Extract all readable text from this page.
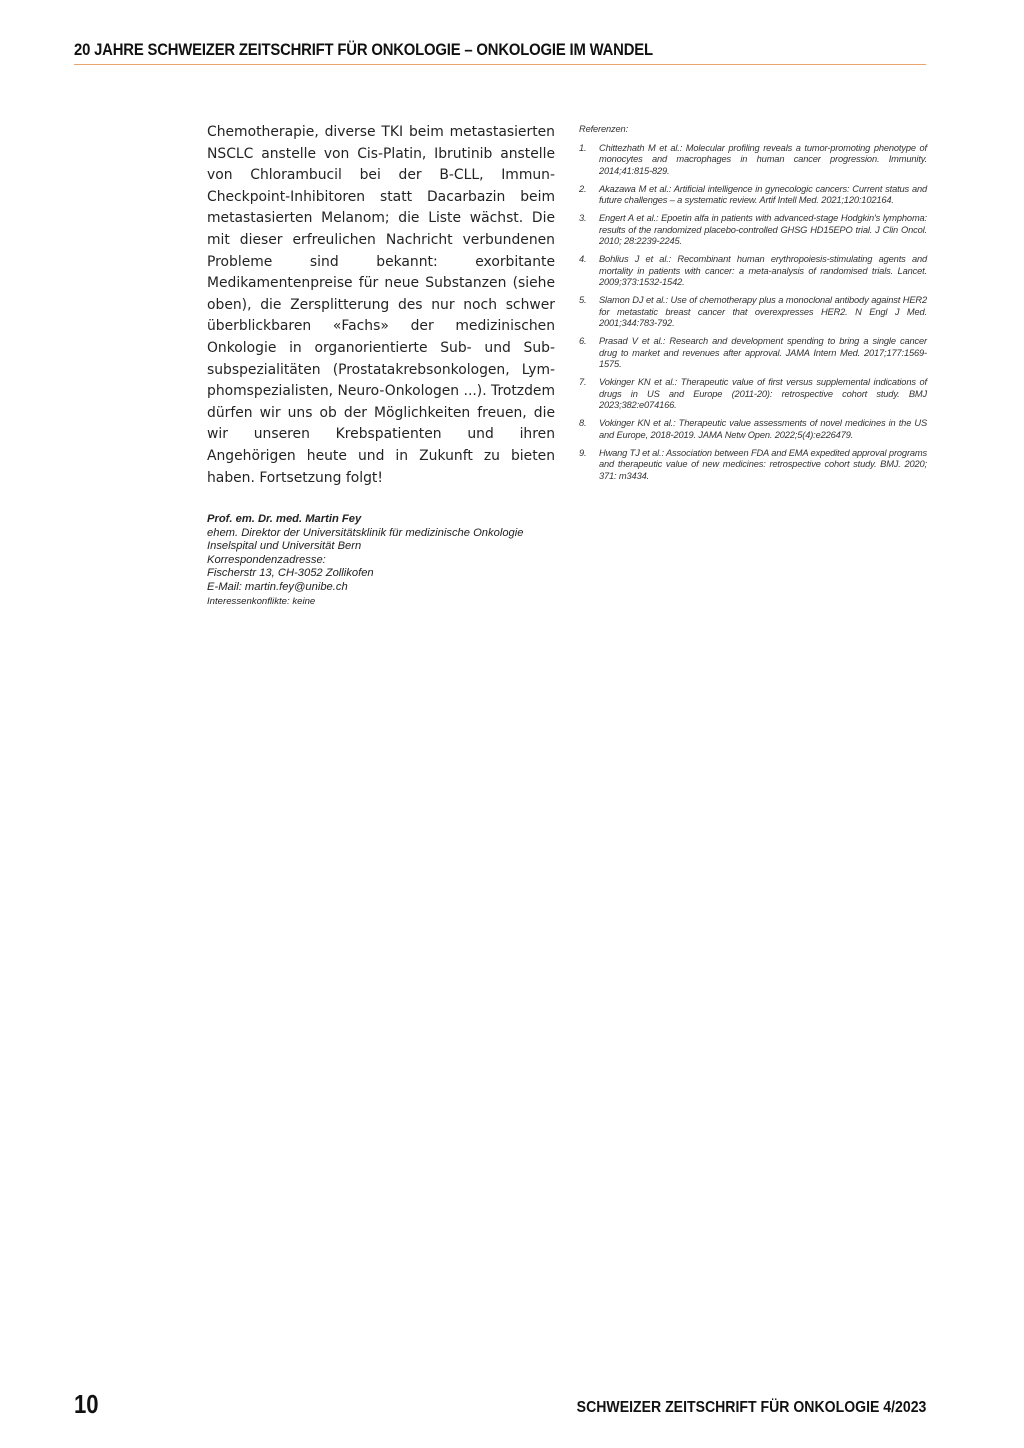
20 JAHRE SCHWEIZER ZEITSCHRIFT FÜR ONKOLOGIE – ONKOLOGIE IM WANDEL

Chemotherapie, diverse TKI beim metastasierten NSCLC anstelle von Cis-Platin, Ibrutinib anstelle von Chlorambucil bei der B-CLL, Immun-Checkpoint-Inhibitoren statt Dacarbazin beim metastasierten Melanom; die Liste wächst. Die mit dieser erfreulichen Nachricht verbundenen Probleme sind bekannt: exorbitante Medikamentenpreise für neue Substanzen (siehe oben), die Zersplitterung des nur noch schwer überblickbaren «Fachs» der medizinischen Onkologie in organorientierte Sub- und Subsubspezialitäten (Prostatakrebsonkologen, Lymphomspezialisten, Neuro-Onkologen ...). Trotzdem dürfen wir uns ob der Möglichkeiten freuen, die wir unseren Krebspatienten und ihren Angehörigen heute und in Zukunft zu bieten haben. Fortsetzung folgt!

Prof. em. Dr. med. Martin Fey
ehem. Direktor der Universitätsklinik für medizinische Onkologie
Inselspital und Universität Bern
Korrespondenzadresse:
Fischerstr 13, CH-3052 Zollikofen
E-Mail: martin.fey@unibe.ch
Interessenkonflikte: keine
Referenzen:
1.	Chittezhath M et al.: Molecular profiling reveals a tumor-promoting phenotype of monocytes and macrophages in human cancer progression. Immunity. 2014;41:815-829.
2.	Akazawa M et al.: Artificial intelligence in gynecologic cancers: Current status and future challenges – a systematic review. Artif Intell Med. 2021;120:102164.
3.	Engert A et al.: Epoetin alfa in patients with advanced-stage Hodgkin's lymphoma: results of the randomized placebo-controlled GHSG HD15EPO trial. J Clin Oncol. 2010; 28:2239-2245.
4.	Bohlius J et al.: Recombinant human erythropoiesis-stimulating agents and mortality in patients with cancer: a meta-analysis of randomised trials. Lancet. 2009;373:1532-1542.
5.	Slamon DJ et al.: Use of chemotherapy plus a monoclonal antibody against HER2 for metastatic breast cancer that overexpresses HER2. N Engl J Med. 2001;344:783-792.
6.	Prasad V et al.: Research and development spending to bring a single cancer drug to market and revenues after approval. JAMA Intern Med. 2017;177:1569-1575.
7.	Vokinger KN et al.: Therapeutic value of first versus supplemental indications of drugs in US and Europe (2011-20): retrospective cohort study. BMJ 2023;382:e074166.
8.	Vokinger KN et al.: Therapeutic value assessments of novel medicines in the US and Europe, 2018-2019. JAMA Netw Open. 2022;5(4):e226479.
9.	Hwang TJ et al.: Association between FDA and EMA expedited approval programs and therapeutic value of new medicines: retrospective cohort study. BMJ. 2020; 371: m3434.
10	SCHWEIZER ZEITSCHRIFT FÜR ONKOLOGIE 4/2023
